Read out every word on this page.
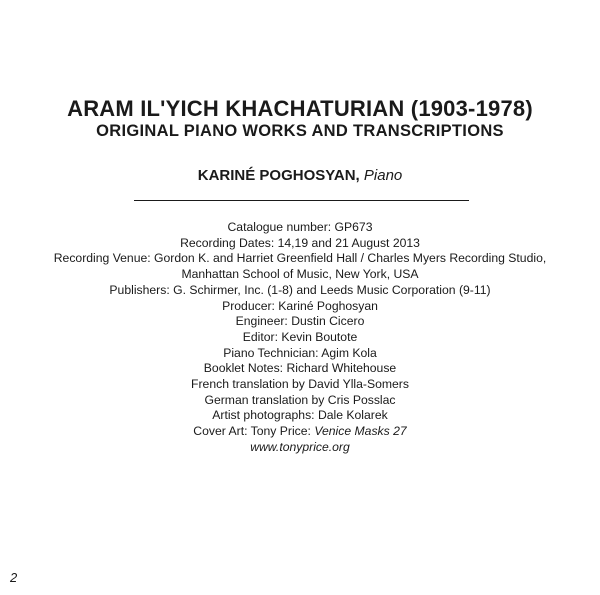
ARAM IL'YICH KHACHATURIAN (1903-1978)
ORIGINAL PIANO WORKS AND TRANSCRIPTIONS
KARINÉ POGHOSYAN, Piano
Catalogue number: GP673
Recording Dates: 14,19 and 21 August 2013
Recording Venue: Gordon K. and Harriet Greenfield Hall / Charles Myers Recording Studio,
Manhattan School of Music, New York, USA
Publishers: G. Schirmer, Inc. (1-8) and Leeds Music Corporation (9-11)
Producer: Kariné Poghosyan
Engineer: Dustin Cicero
Editor: Kevin Boutote
Piano Technician: Agim Kola
Booklet Notes: Richard Whitehouse
French translation by David Ylla-Somers
German translation by Cris Posslac
Artist photographs: Dale Kolarek
Cover Art: Tony Price: Venice Masks 27
www.tonyprice.org
2
